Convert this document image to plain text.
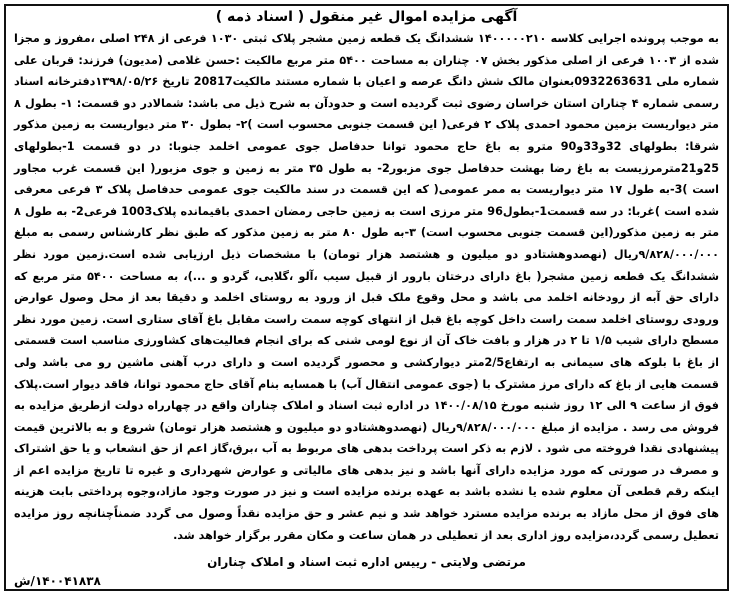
آگهی مزایده اموال غیر منقول ( اسناد ذمه )

به موجب پرونده اجرایی کلاسه ۱۴۰۰۰۰۰۲۱۰ ششدانگ یک قطعه زمین مشجر پلاک ثبتی ۱۰۳۰ فرعی از ۲۴۸ اصلی ،مفروز و مجزا شده از ۱۰۰۳ فرعی از اصلی مذکور بخش ۰۷ چناران به مساحت ۵۴۰۰ متر مربع مالکیت :حسن غلامی (مدیون) فرزند: قربان علی شماره ملی 0932263631بعنوان مالک شش دانگ عرصه و اعیان با شماره مستند مالکیت20817 تاریخ ۱۳۹۸/۰۵/۲۶دفترخانه اسناد رسمی شماره ۴ چناران استان خراسان رضوی ثبت گردیده است و حدودآن به شرح ذیل می باشد: شمالادر دو قسمت: ۱- بطول ۸ متر دیواریست بزمین محمود احمدی پلاک ۲ فرعی( این قسمت جنوبی محسوب است )۲- بطول ۳۰ متر دیواریست به زمین مذکور شرقا: بطولهای 32و33و90 مترو به باغ حاج محمود توانا حدفاصل جوی عمومی اخلمد جنوبا: در دو قسمت 1-بطولهای 25و21مترمرزیست به باغ رضا بهشت حدفاصل جوی مزبور2- به طول ۳۵ متر به زمین و جوی مزبور( این قسمت غرب مجاور است )3-به طول ۱۷ متر دیواریست به ممر عمومی( که این قسمت در سند مالکیت جوی عمومی حدفاصل پلاک ۳ فرعی معرفی شده است )غربا: در سه قسمت1-بطول96 متر مرزی است به زمین حاجی رمضان احمدی باقیمانده پلاک1003 فرعی2- به طول ۸ متر به زمین مذکور(این قسمت جنوبی محسوب است) ۳-به طول ۸۰ متر به زمین مذکور که طبق نظر کارشناس رسمی به مبلغ ۹/۸۲۸/۰۰۰/۰۰۰ریال (نهصدوهشتادو دو میلیون و هشتصد هزار تومان) با مشخصات ذیل ارزیابی شده است.زمین مورد نظر ششدانگ یک قطعه زمین مشجر( باغ دارای درختان بارور از قبیل سیب ،آلو ،گلابی، گردو و ...)، به مساحت ۵۴۰۰ متر مربع که دارای حق آبه از رودخانه اخلمد می باشد و محل وقوع ملک قبل از ورود به روستای اخلمد و دقیقا بعد از محل وصول عوارض ورودی روستای اخلمد سمت راست داخل کوچه باغ قبل از انتهای کوچه سمت راست مقابل باغ آقای ستاری است. زمین مورد نظر مسطح دارای شیب ۱/۵ تا ۲ در هزار و بافت خاک آن از نوع لومی شنی که برای انجام فعالیت‌های کشاورزی مناسب است قسمتی از باغ با بلوکه های سیمانی به ارتفاع2/5متر دیوارکشی و محصور گردیده است و دارای درب آهنی ماشین رو می باشد ولی قسمت هایی از باغ که دارای مرز مشترک با (جوی عمومی انتقال آب) با همسایه بنام آقای حاج محمود توانا، فاقد دیوار است.پلاک فوق از ساعت ۹ الی ۱۲ روز شنبه مورخ ۱۴۰۰/۰۸/۱۵ در اداره ثبت اسناد و املاک چناران واقع در چهارراه دولت ازطریق مزایده به فروش می رسد . مزایده از مبلغ ۹/۸۲۸/۰۰۰/۰۰۰ریال (نهصدوهشتادو دو میلیون و هشتصد هزار تومان) شروع و به بالاترین قیمت پیشنهادی نقدا فروخته می شود . لازم به ذکر است پرداخت بدهی های مربوط به آب ،برق،گاز اعم از حق انشعاب و یا حق اشتراک و مصرف در صورتی که مورد مزایده دارای آنها باشد و نیز بدهی های مالیاتی و عوارض شهرداری و غیره تا تاریخ مزایده اعم از اینکه رقم قطعی آن معلوم شده یا نشده باشد به عهده برنده مزایده است و نیز در صورت وجود مازاد،وجوه پرداختی بابت هزینه های فوق از محل مازاد به برنده مزایده مسترد خواهد شد و نیم عشر و حق مزایده نقداً وصول می گردد ضمناًچنانچه روز مزایده تعطیل رسمی گردد،مزایده روز اداری بعد از تعطیلی در همان ساعت و مکان مقرر برگزار خواهد شد.

مرتضی ولایتی - رییس اداره ثبت اسناد و املاک چناران
۱۴۰۰۴۱۸۳۸/ش
